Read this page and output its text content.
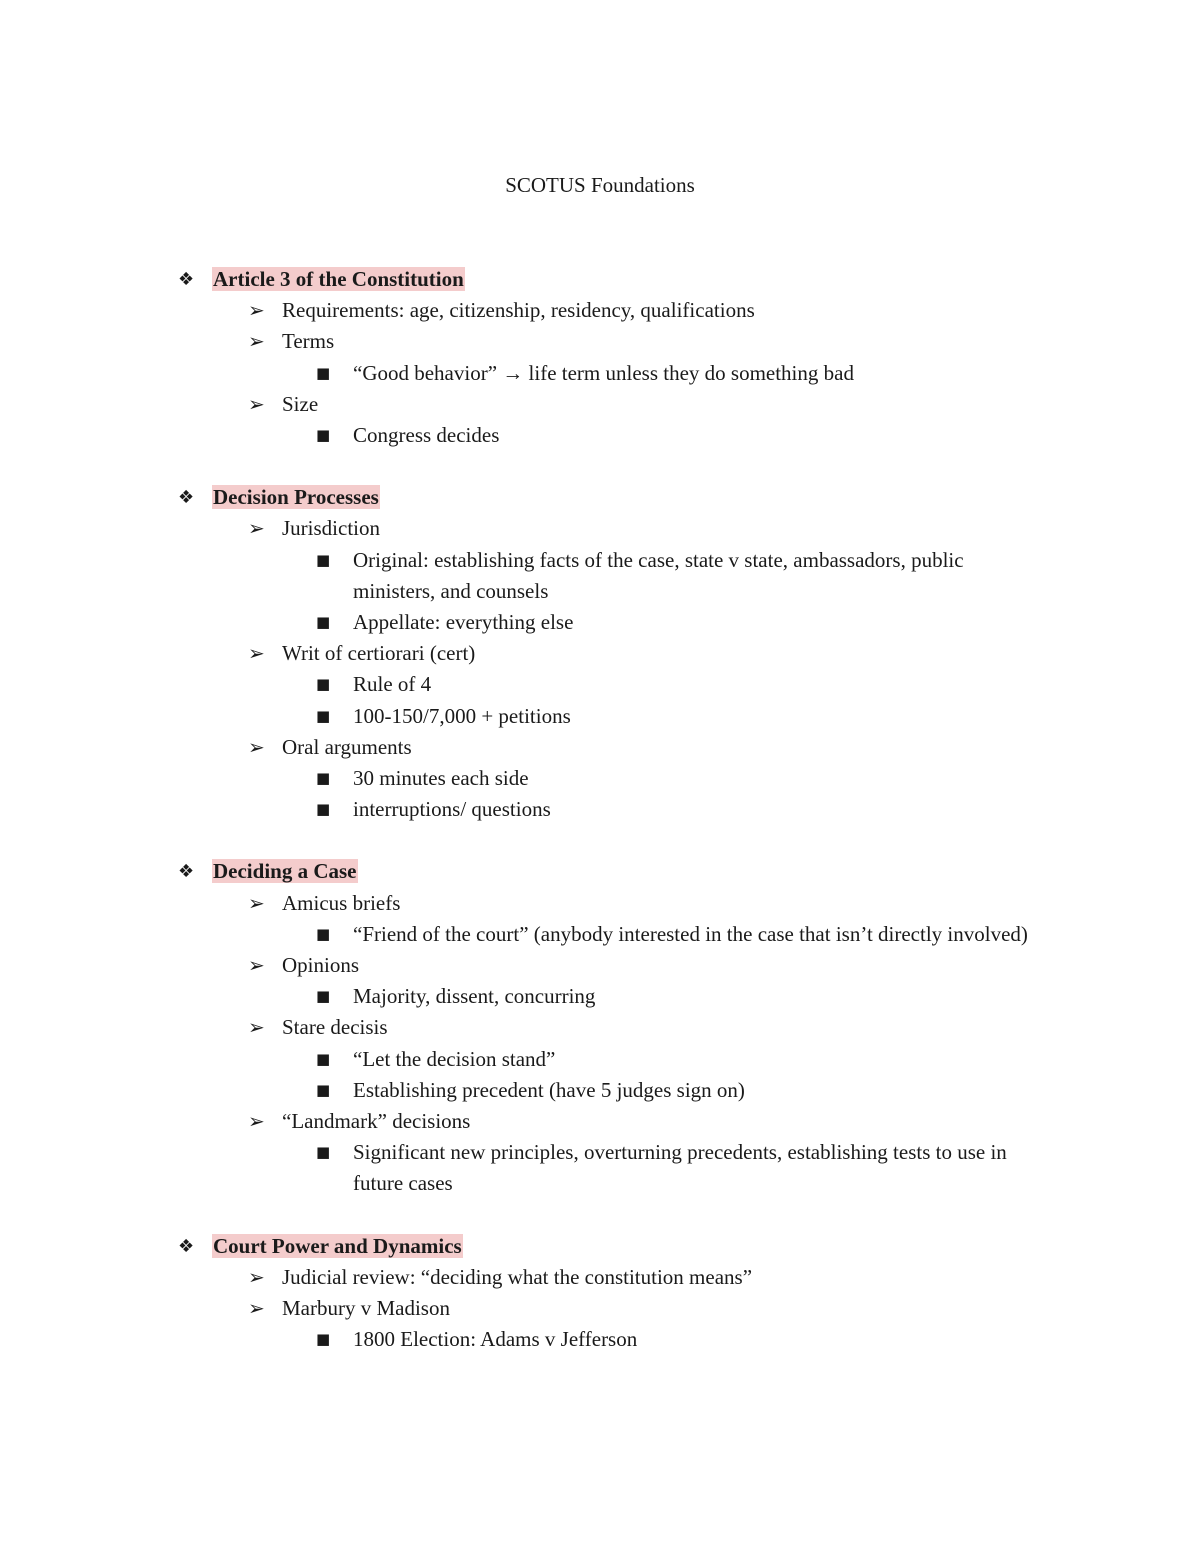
SCOTUS Foundations
❖ Article 3 of the Constitution
➢ Requirements: age, citizenship, residency, qualifications
➢ Terms
■ “Good behavior” → life term unless they do something bad
➢ Size
■ Congress decides
❖ Decision Processes
➢ Jurisdiction
■ Original: establishing facts of the case, state v state, ambassadors, public ministers, and counsels
■ Appellate: everything else
➢ Writ of certiorari (cert)
■ Rule of 4
■ 100-150/7,000 + petitions
➢ Oral arguments
■ 30 minutes each side
■ interruptions/ questions
❖ Deciding a Case
➢ Amicus briefs
■ “Friend of the court” (anybody interested in the case that isn’t directly involved)
➢ Opinions
■ Majority, dissent, concurring
➢ Stare decisis
■ “Let the decision stand”
■ Establishing precedent (have 5 judges sign on)
➢ “Landmark” decisions
■ Significant new principles, overturning precedents, establishing tests to use in future cases
❖ Court Power and Dynamics
➢ Judicial review: “deciding what the constitution means”
➢ Marbury v Madison
■ 1800 Election: Adams v Jefferson
